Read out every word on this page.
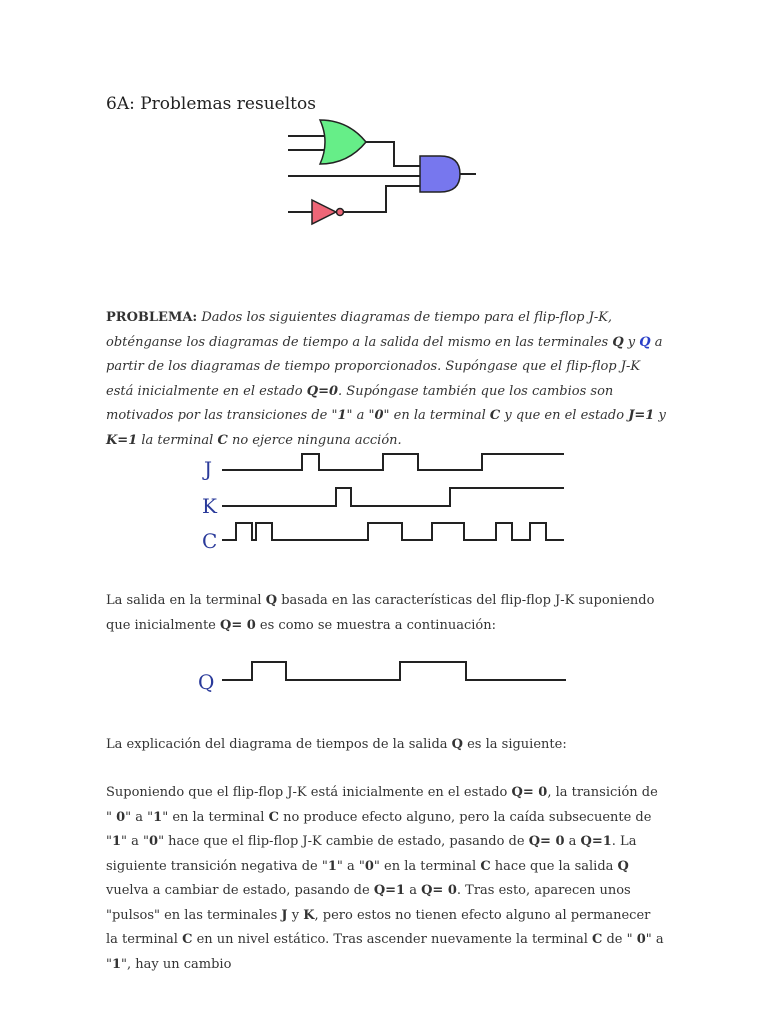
6A: Problemas resueltos

PROBLEMA: Dados los siguientes diagramas de tiempo para el flip-flop J-K, obténganse los diagramas de tiempo a la salida del mismo en las terminales Q y Q a partir de los diagramas de tiempo proporcionados. Supóngase que el flip-flop J-K está inicialmente en el estado Q=0. Supóngase también que los cambios son motivados por las transiciones de "1" a "0" en la terminal C y que en el estado J=1 y K=1 la terminal C no ejerce ninguna acción.

J
K
C

La salida en la terminal Q basada en las características del flip-flop J-K suponiendo que inicialmente Q= 0 es como se muestra a continuación:

Q

La explicación del diagrama de tiempos de la salida Q es la siguiente:

Suponiendo que el flip-flop J-K está inicialmente en el estado Q= 0, la transición de " 0" a "1" en la terminal C no produce efecto alguno, pero la caída subsecuente de "1" a "0" hace que el flip-flop J-K cambie de estado, pasando de Q= 0 a Q=1. La siguiente transición negativa de "1" a "0" en la terminal C hace que la salida Q vuelva a cambiar de estado, pasando de Q=1 a Q= 0. Tras esto, aparecen unos "pulsos" en las terminales J y K, pero estos no tienen efecto alguno al permanecer la terminal C en un nivel estático. Tras ascender nuevamente la terminal C de " 0" a "1", hay un cambio
